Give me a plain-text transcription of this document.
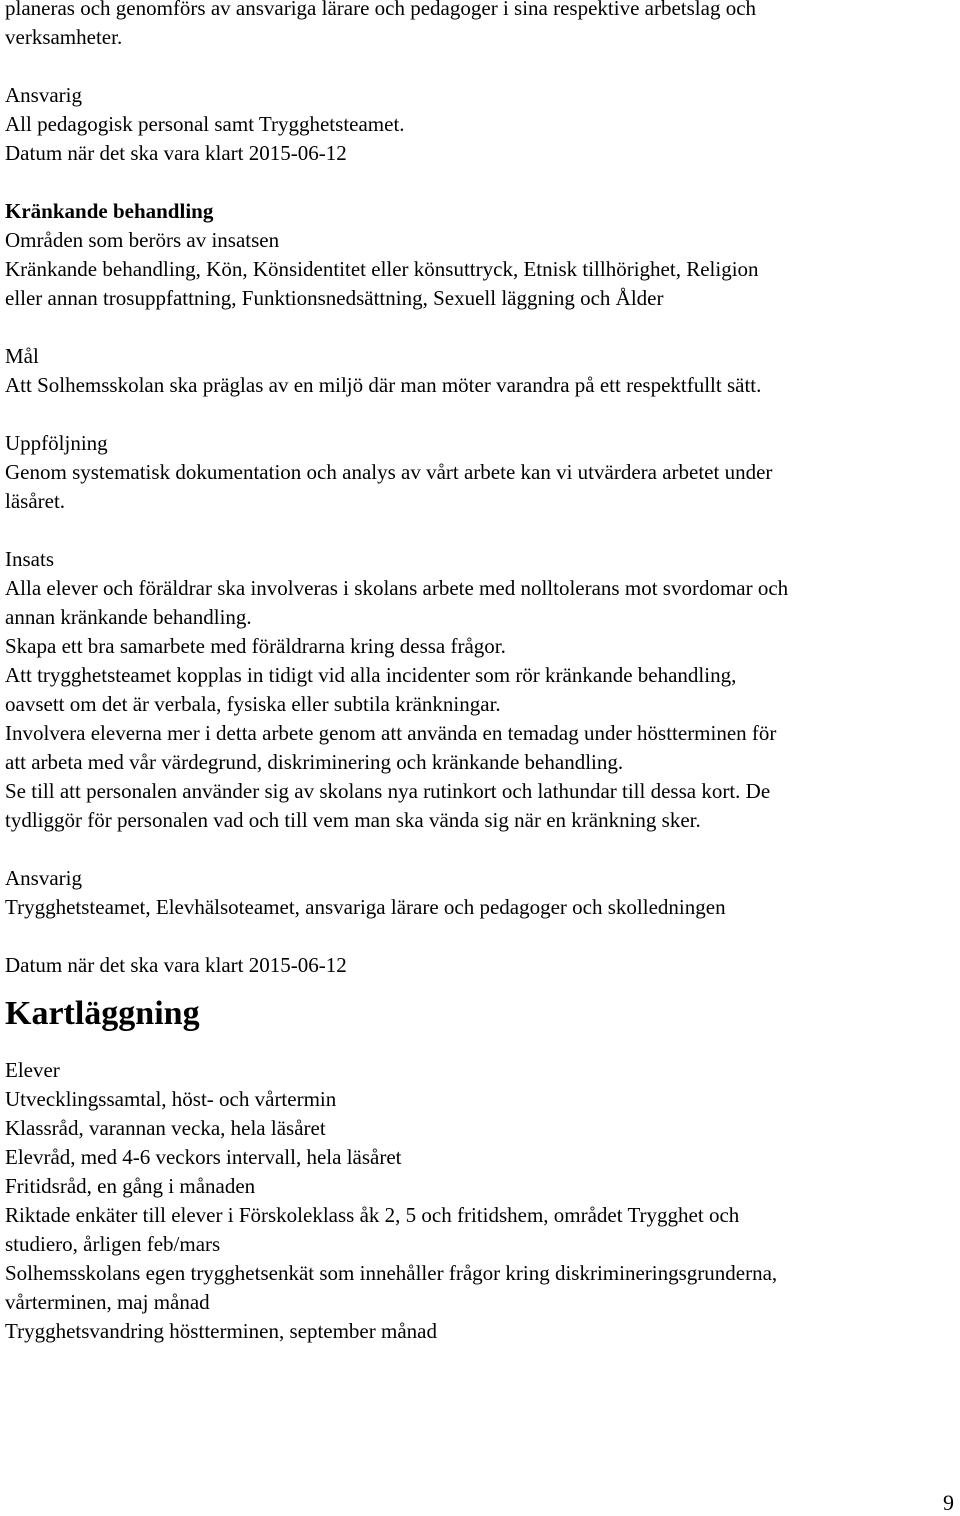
planeras och genomförs av ansvariga lärare och pedagoger i sina respektive arbetslag och
verksamheter.
Ansvarig
All pedagogisk personal samt Trygghetsteamet.
Datum när det ska vara klart 2015-06-12
Kränkande behandling
Områden som berörs av insatsen
Kränkande behandling, Kön, Könsidentitet eller könsuttryck, Etnisk tillhörighet, Religion
eller annan trosuppfattning, Funktionsnedsättning, Sexuell läggning och Ålder
Mål
Att Solhemsskolan ska präglas av en miljö där man möter varandra på ett respektfullt sätt.
Uppföljning
Genom systematisk dokumentation och analys av vårt arbete kan vi utvärdera arbetet under
läsåret.
Insats
Alla elever och föräldrar ska involveras i skolans arbete med nolltolerans mot svordomar och
annan kränkande behandling.
Skapa ett bra samarbete med föräldrarna kring dessa frågor.
Att trygghetsteamet kopplas in tidigt vid alla incidenter som rör kränkande behandling,
oavsett om det är verbala, fysiska eller subtila kränkningar.
Involvera eleverna mer i detta arbete genom att använda en temadag under höstterminen för
att arbeta med vår värdegrund, diskriminering och kränkande behandling.
Se till att personalen använder sig av skolans nya rutinkort och lathundar till dessa kort. De
tydliggör för personalen vad och till vem man ska vända sig när en kränkning sker.
Ansvarig
Trygghetsteamet, Elevhälsoteamet, ansvariga lärare och pedagoger och skolledningen
Datum när det ska vara klart 2015-06-12
Kartläggning
Elever
Utvecklingssamtal, höst- och vårtermin
Klassråd, varannan vecka, hela läsåret
Elevråd, med 4-6 veckors intervall, hela läsåret
Fritidsråd, en gång i månaden
Riktade enkäter till elever i Förskoleklass åk 2, 5 och fritidshem, området Trygghet och
studiero, årligen feb/mars
Solhemsskolans egen trygghetsenkät som innehåller frågor kring diskrimineringsgrunderna,
vårterminen, maj månad
Trygghetsvandring höstterminen, september månad
9
